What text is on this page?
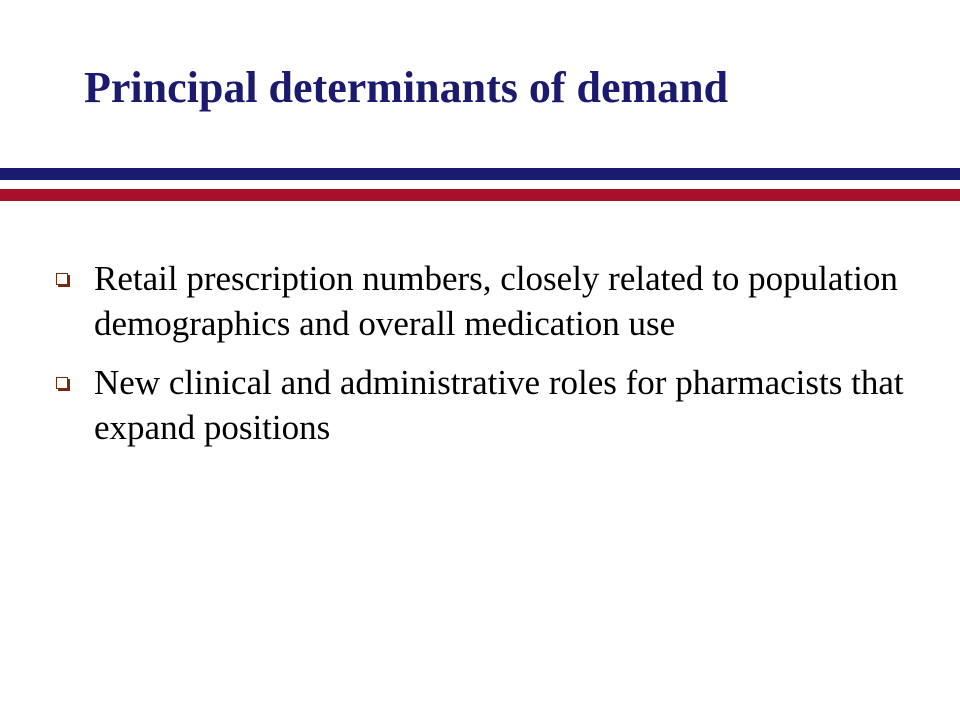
Principal determinants of demand
Retail prescription numbers, closely related to population demographics and overall medication use
New clinical and administrative roles for pharmacists that expand positions
